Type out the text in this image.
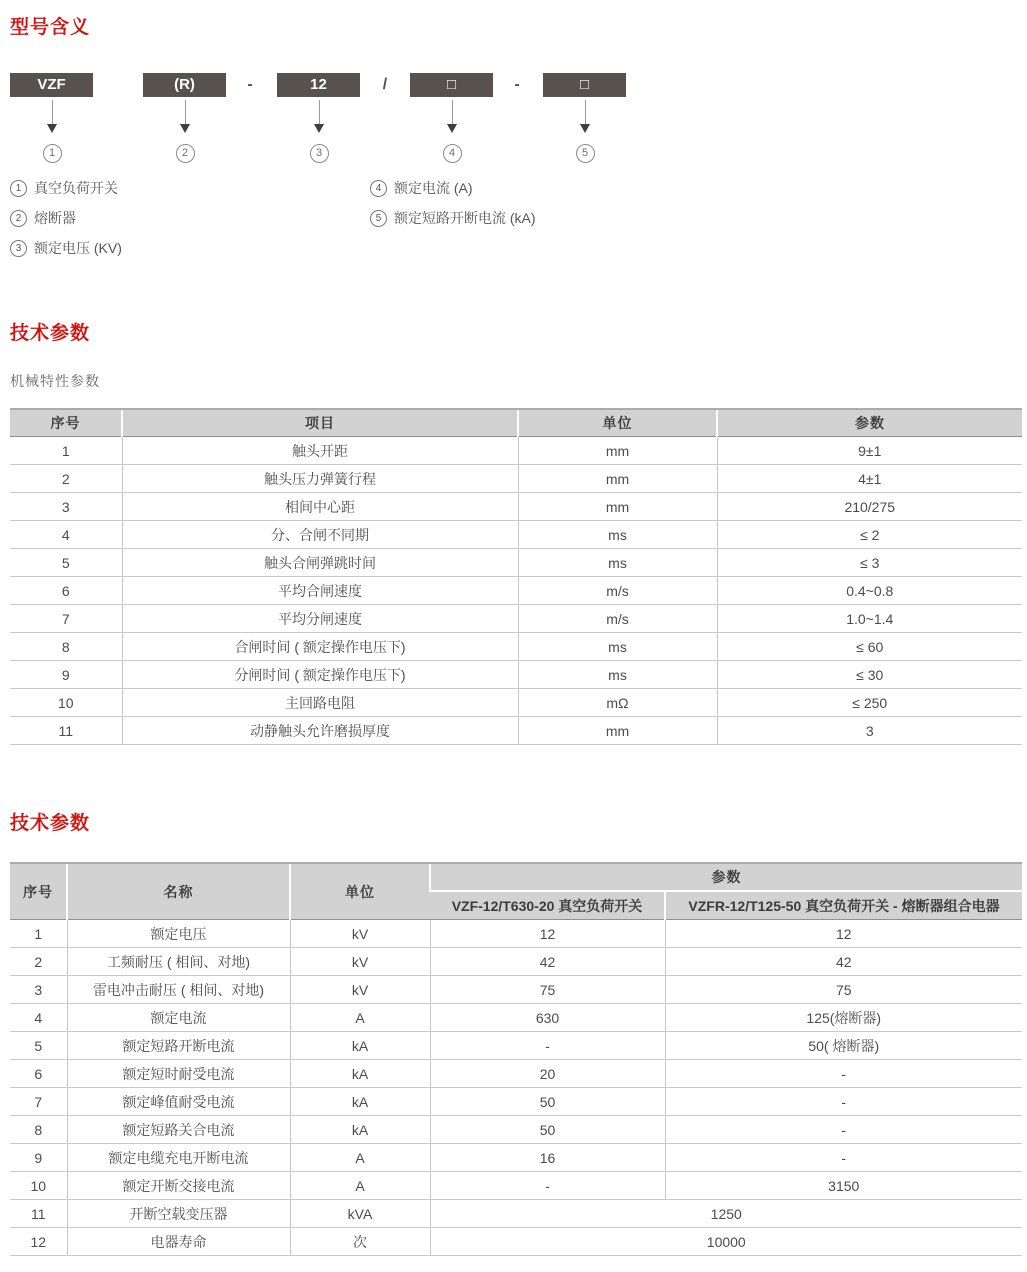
型号含义
VZF
1
(R)
2
12
3
□
4
□
5
-	/	-
1 真空负荷开关
2 熔断器
3 额定电压 (KV)
4 额定电流 (A)
5 额定短路开断电流 (kA)
技术参数
机械特性参数
序号	项目	单位	参数
1	触头开距	mm	9±1
2	触头压力弹簧行程	mm	4±1
3	相间中心距	mm	210/275
4	分、合闸不同期	ms	≤ 2
5	触头合闸弹跳时间	ms	≤ 3
6	平均合闸速度	m/s	0.4~0.8
7	平均分闸速度	m/s	1.0~1.4
8	合闸时间 ( 额定操作电压下)	ms	≤ 60
9	分闸时间 ( 额定操作电压下)	ms	≤ 30
10	主回路电阻	mΩ	≤ 250
11	动静触头允许磨损厚度	mm	3
技术参数
序号	名称	单位	参数	
			VZF-12/T630-20 真空负荷开关	VZFR-12/T125-50 真空负荷开关 - 熔断器组合电器
1	额定电压	kV	12	12
2	工频耐压 ( 相间、对地)	kV	42	42
3	雷电冲击耐压 ( 相间、对地)	kV	75	75
4	额定电流	A	630	125(熔断器)
5	额定短路开断电流	kA	-	50( 熔断器)
6	额定短时耐受电流	kA	20	-
7	额定峰值耐受电流	kA	50	-
8	额定短路关合电流	kA	50	-
9	额定电缆充电开断电流	A	16	-
10	额定开断交接电流	A	-	3150
11	开断空载变压器	kVA	1250	
12	电器寿命	次	10000	
